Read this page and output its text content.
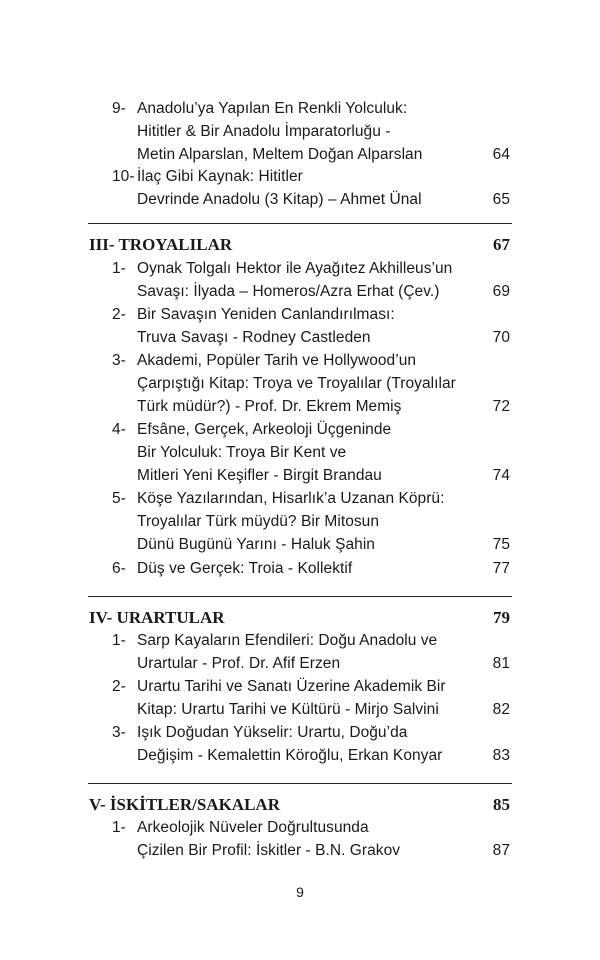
9- Anadolu’ya Yapılan En Renkli Yolculuk:
Hititler & Bir Anadolu İmparatorluğu -
Metin Alparslan, Meltem Doğan Alparslan	64
10- İlaç Gibi Kaynak: Hititler
Devrinde Anadolu (3 Kitap) – Ahmet Ünal	65
III- TROYALILAR	67
1- Oynak Tolgalı Hektor ile Ayağıtez Akhilleus’un
Savaşı: İlyada – Homeros/Azra Erhat (Çev.)	69
2- Bir Savaşın Yeniden Canlandırılması:
Truva Savaşı - Rodney Castleden	70
3- Akademi, Popüler Tarih ve Hollywood’un
Çarpıştığı Kitap: Troya ve Troyalılar (Troyalılar
Türk müdür?) - Prof. Dr. Ekrem Memiş	72
4- Efsâne, Gerçek, Arkeoloji Üçgeninde
Bir Yolculuk: Troya Bir Kent ve
Mitleri Yeni Keşifler - Birgit Brandau	74
5- Köşe Yazılarından, Hisarlık’a Uzanan Köprü:
Troyalılar Türk müydü? Bir Mitosun
Dünü Bugünü Yarını - Haluk Şahin	75
6- Düş ve Gerçek: Troia - Kollektif	77
IV- URARTULAR	79
1- Sarp Kayaların Efendileri: Doğu Anadolu ve
Urartular - Prof. Dr. Afif Erzen	81
2- Urartu Tarihi ve Sanatı Üzerine Akademik Bir
Kitap: Urartu Tarihi ve Kültürü - Mirjo Salvini	82
3- Işık Doğudan Yükselir: Urartu, Doğu’da
Değişim - Kemalettin Köroğlu, Erkan Konyar	83
V- İSKİTLER/SAKALAR	85
1- Arkeolojik Nüveler Doğrultusunda
Çizilen Bir Profil: İskitler - B.N. Grakov	87
9
